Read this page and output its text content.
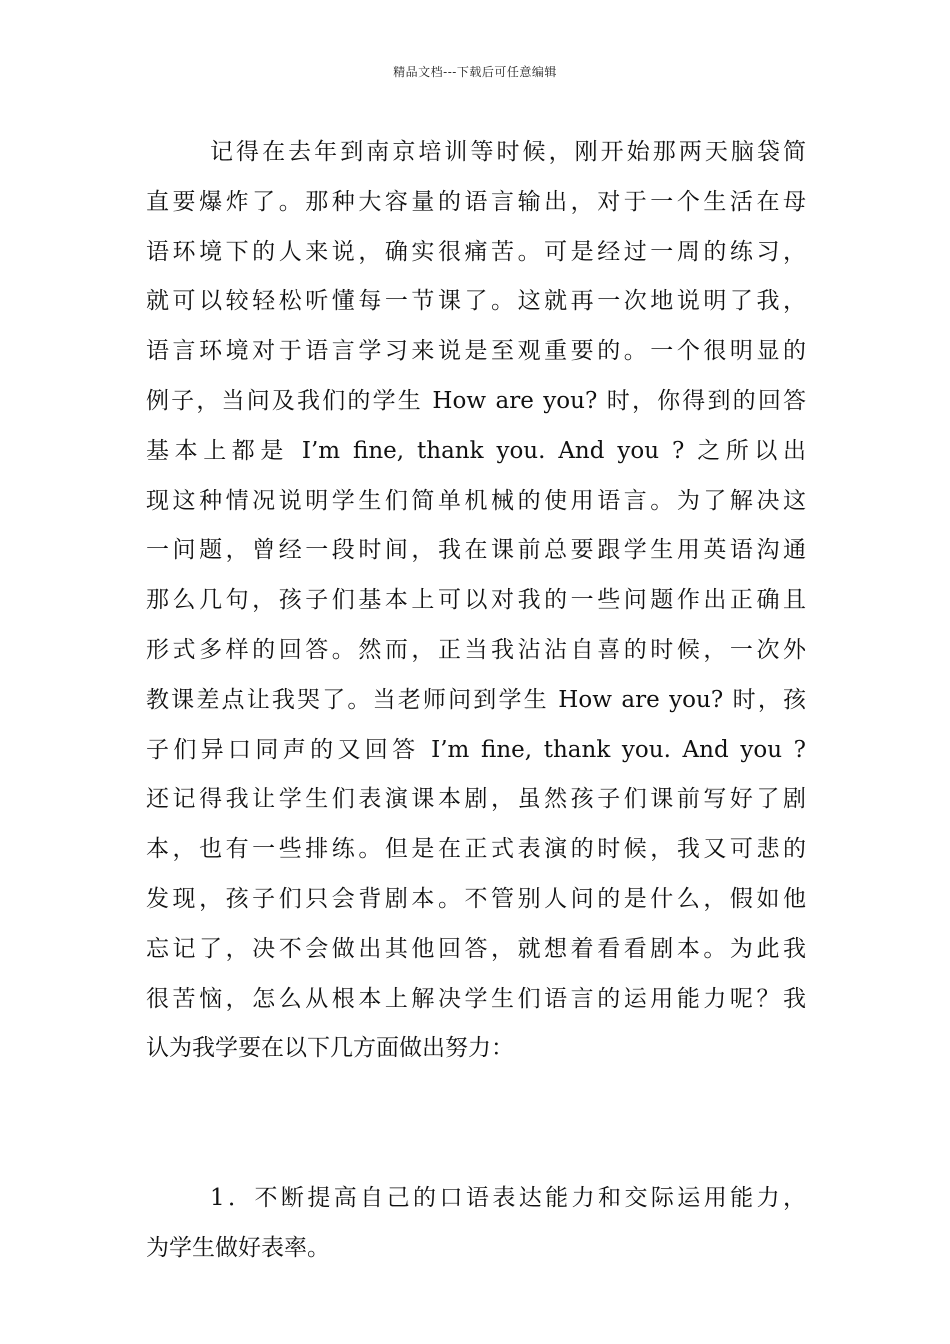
精品文档---下载后可任意编辑
记得在去年到南京培训等时候，刚开始那两天脑袋简
直要爆炸了。那种大容量的语言输出，对于一个生活在母
语环境下的人来说，确实很痛苦。可是经过一周的练习，
就可以较轻松听懂每一节课了。这就再一次地说明了我，
语言环境对于语言学习来说是至观重要的。一个很明显的
例子，当问及我们的学生 How are you? 时，你得到的回答
基本上都是 I’m fine, thank you. And you ? 之所以出
现这种情况说明学生们简单机械的使用语言。为了解决这
一问题，曾经一段时间，我在课前总要跟学生用英语沟通
那么几句，孩子们基本上可以对我的一些问题作出正确且
形式多样的回答。然而，正当我沾沾自喜的时候，一次外
教课差点让我哭了。当老师问到学生 How are you? 时，孩
子们异口同声的又回答 I’m fine, thank you. And you ?
还记得我让学生们表演课本剧，虽然孩子们课前写好了剧
本，也有一些排练。但是在正式表演的时候，我又可悲的
发现，孩子们只会背剧本。不管别人问的是什么，假如他
忘记了，决不会做出其他回答，就想着看看剧本。为此我
很苦恼，怎么从根本上解决学生们语言的运用能力呢？我
认为我学要在以下几方面做出努力：
1．不断提高自己的口语表达能力和交际运用能力，
为学生做好表率。
